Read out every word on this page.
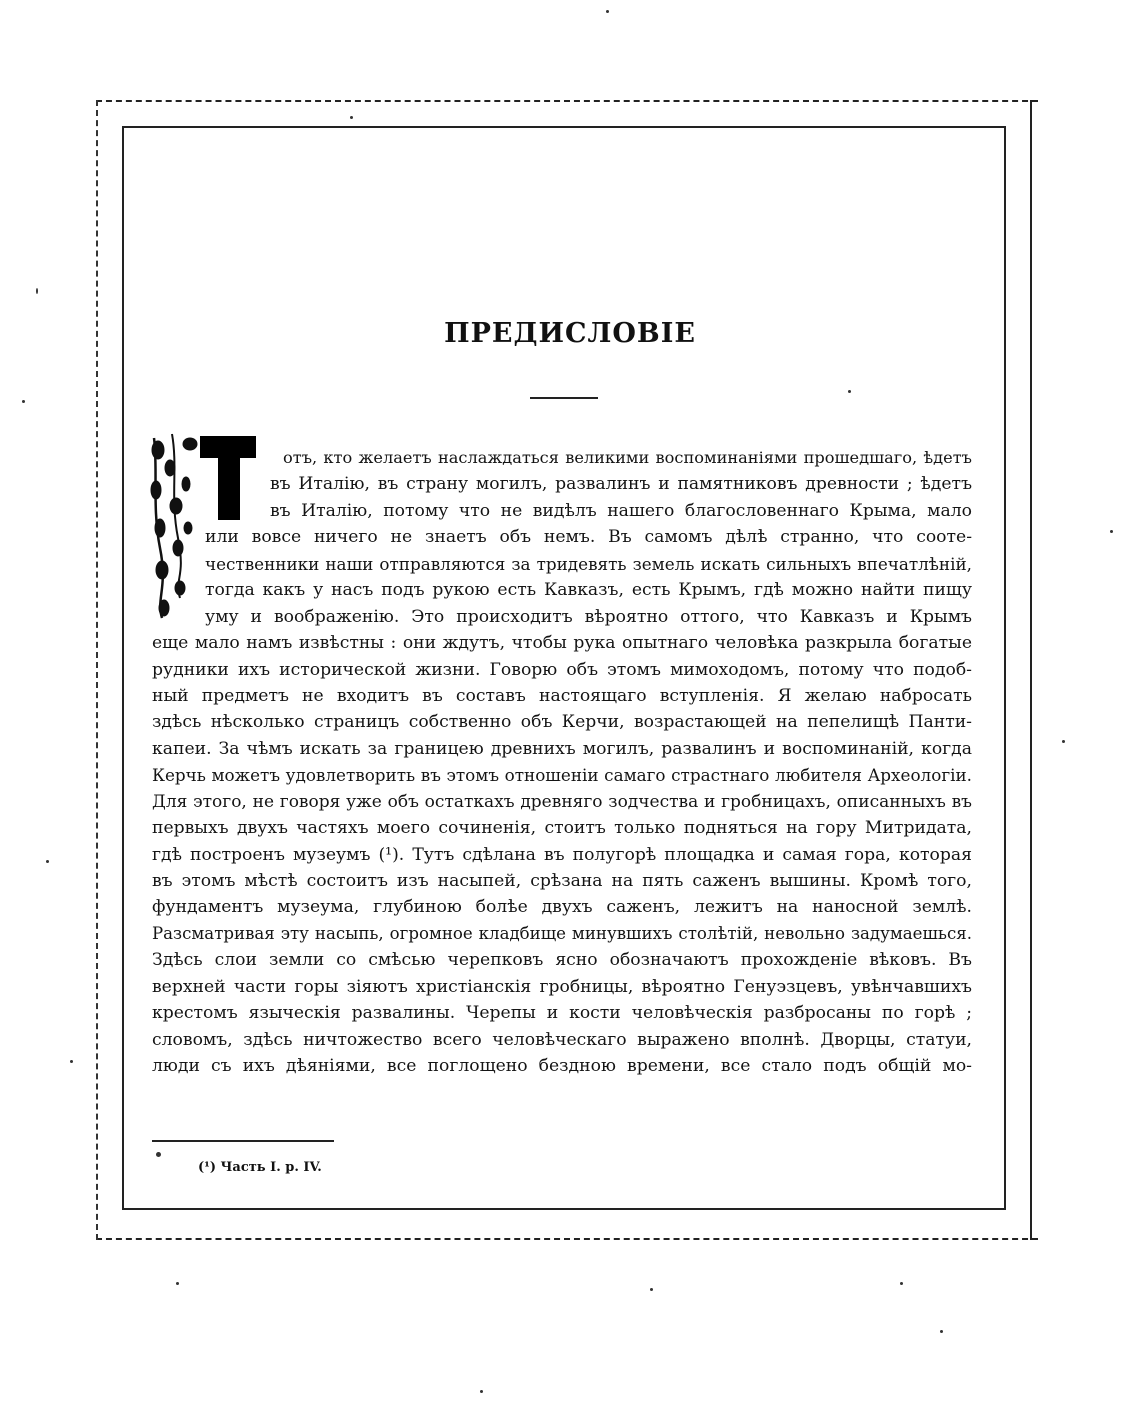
ПРЕДИСЛОВІЕ
отъ, кто желаетъ наслаждаться великими воспоминаніями прошедшаго, ѣдетъ
въ Италію, въ страну могилъ, развалинъ и памятниковъ древности ; ѣдетъ
въ Италію, потому что не видѣлъ нашего благословеннаго Крыма, мало
или вовсе ничего не знаетъ объ немъ. Въ самомъ дѣлѣ странно, что сооте-
чественники наши отправляются за тридевять земель искать сильныхъ впечатлѣній,
тогда какъ у насъ подъ рукою есть Кавказъ, есть Крымъ, гдѣ можно найти пищу
уму и воображенію. Это происходитъ вѣроятно оттого, что Кавказъ и Крымъ
еще мало намъ извѣстны : они ждутъ, чтобы рука опытнаго человѣка разкрыла богатые
рудники ихъ исторической жизни. Говорю объ этомъ мимоходомъ, потому что подоб-
ный предметъ не входитъ въ составъ настоящаго вступленія. Я желаю набросать
здѣсь нѣсколько страницъ собственно объ Керчи, возрастающей на пепелищѣ Панти-
капеи. За чѣмъ искать за границею древнихъ могилъ, развалинъ и воспоминаній, когда
Керчь можетъ удовлетворить въ этомъ отношеніи самаго страстнаго любителя Археологіи.
Для этого, не говоря уже объ остаткахъ древняго зодчества и гробницахъ, описанныхъ въ
первыхъ двухъ частяхъ моего сочиненія, стоитъ только подняться на гору Митридата,
гдѣ построенъ музеумъ (¹). Тутъ сдѣлана въ полугорѣ площадка и самая гора, которая
въ этомъ мѣстѣ состоитъ изъ насыпей, срѣзана на пять саженъ вышины. Кромѣ того,
фундаментъ музеума, глубиною болѣе двухъ саженъ, лежитъ на наносной землѣ.
Разсматривая эту насыпь, огромное кладбище минувшихъ столѣтій, невольно задумаешься.
Здѣсь слои земли со смѣсью черепковъ ясно обозначаютъ прохожденіе вѣковъ. Въ
верхней части горы зіяютъ христіанскія гробницы, вѣроятно Генуэзцевъ, увѣнчавшихъ
крестомъ языческія развалины. Черепы и кости человѣческія разбросаны по горѣ ;
словомъ, здѣсь ничтожество всего человѣческаго выражено вполнѣ. Дворцы, статуи,
люди съ ихъ дѣяніями, все поглощено бездною времени, все стало подъ общій мо-
(¹) Часть I. p. IV.
